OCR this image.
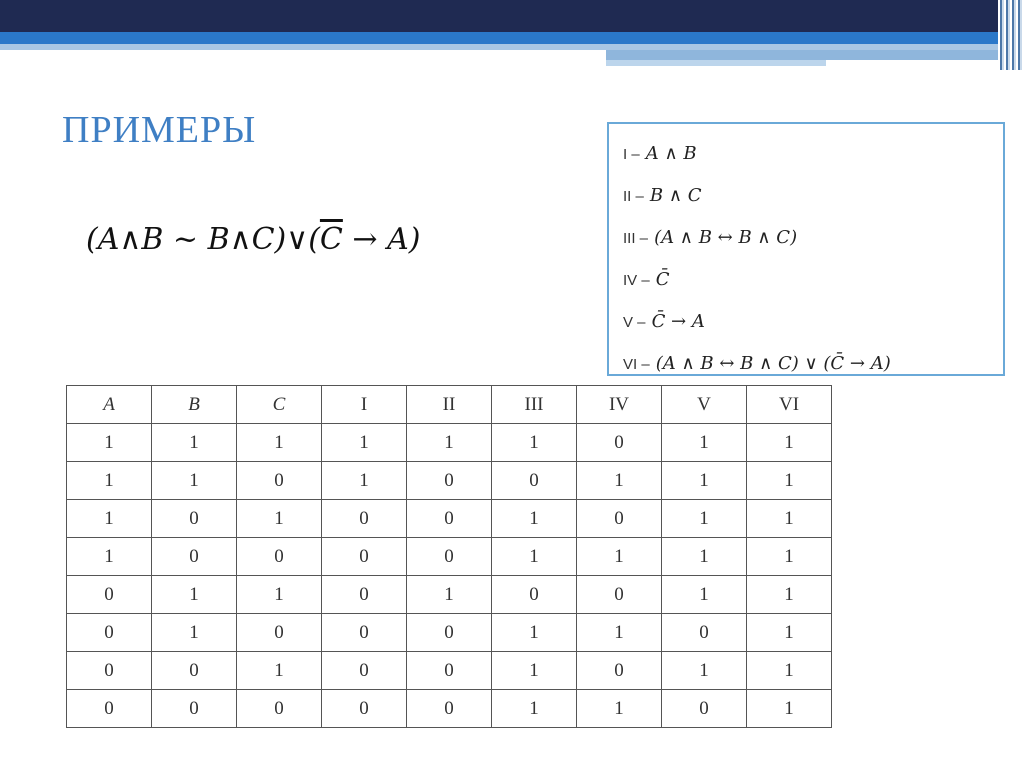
ПРИМЕРЫ
(A∧B ~ $B\wedge C)\vee(\overline{C} \to A)$
I – A ∧ B
II – B ∧ C
III – (A ∧ B ↔ B ∧ C)
IV – C̄
V – C̄ → A
VI – (A ∧ B ↔ B ∧ C) ∨ (C̄ → A)
A	B	C	I	II	III	IV	V	VI
1	1	1	1	1	1	0	1	1
1	1	0	1	0	0	1	1	1
1	0	1	0	0	1	0	1	1
1	0	0	0	0	1	1	1	1
0	1	1	0	1	0	0	1	1
0	1	0	0	0	1	1	0	1
0	0	1	0	0	1	0	1	1
0	0	0	0	0	1	1	0	1
